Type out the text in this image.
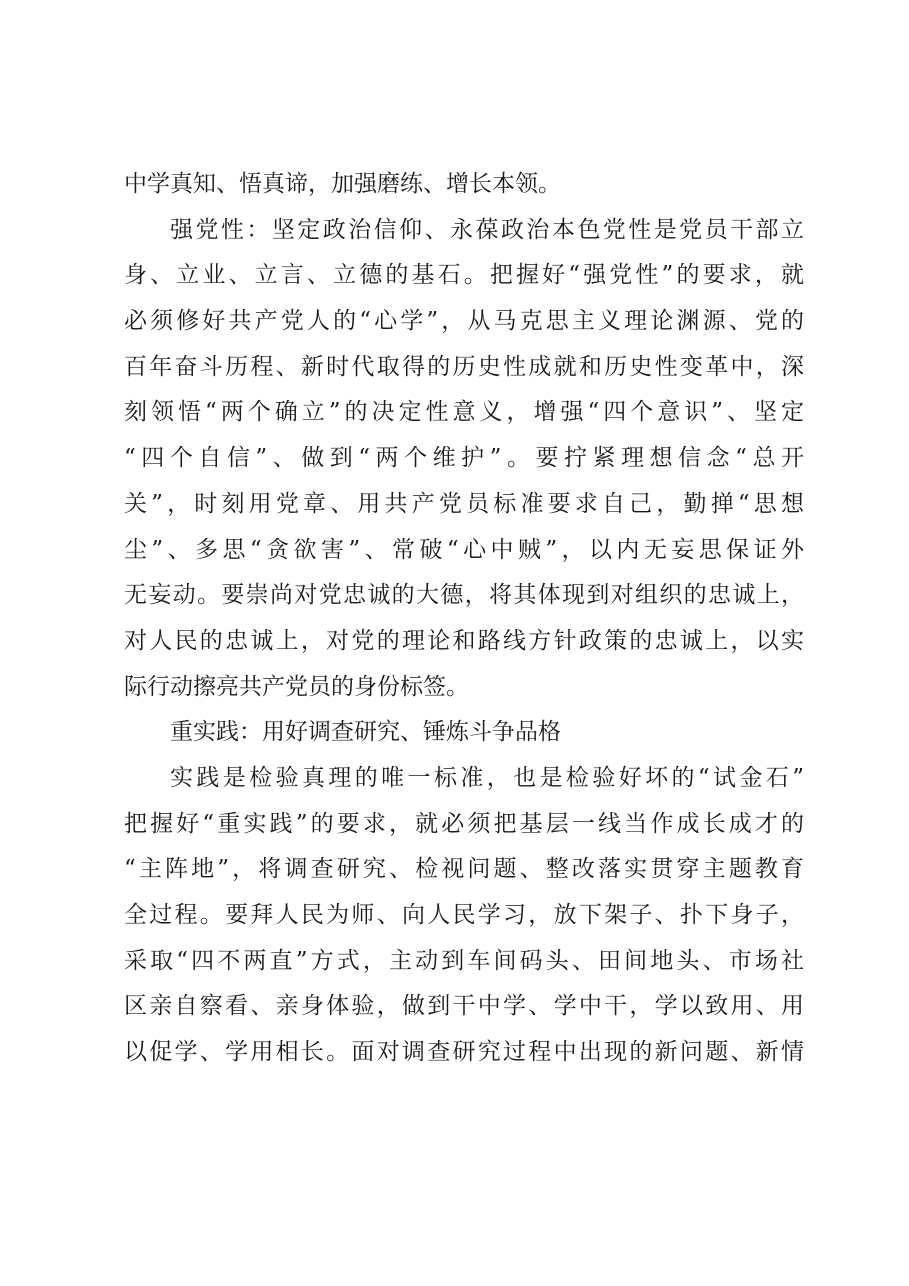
中学真知、悟真谛，加强磨练、增长本领。
强党性：坚定政治信仰、永葆政治本色党性是党员干部立
身、立业、立言、立德的基石。把握好“强党性”的要求，就
必须修好共产党人的“心学”，从马克思主义理论渊源、党的
百年奋斗历程、新时代取得的历史性成就和历史性变革中，深
刻领悟“两个确立”的决定性意义，增强“四个意识”、坚定
“四个自信”、做到“两个维护”。要拧紧理想信念“总开
关”，时刻用党章、用共产党员标准要求自己，勤掸“思想
尘”、多思“贪欲害”、常破“心中贼”，以内无妄思保证外
无妄动。要崇尚对党忠诚的大德，将其体现到对组织的忠诚上，
对人民的忠诚上，对党的理论和路线方针政策的忠诚上，以实
际行动擦亮共产党员的身份标签。
重实践：用好调查研究、锤炼斗争品格
实践是检验真理的唯一标准，也是检验好坏的“试金石”
把握好“重实践”的要求，就必须把基层一线当作成长成才的
“主阵地”，将调查研究、检视问题、整改落实贯穿主题教育
全过程。要拜人民为师、向人民学习，放下架子、扑下身子，
采取“四不两直”方式，主动到车间码头、田间地头、市场社
区亲自察看、亲身体验，做到干中学、学中干，学以致用、用
以促学、学用相长。面对调查研究过程中出现的新问题、新情
